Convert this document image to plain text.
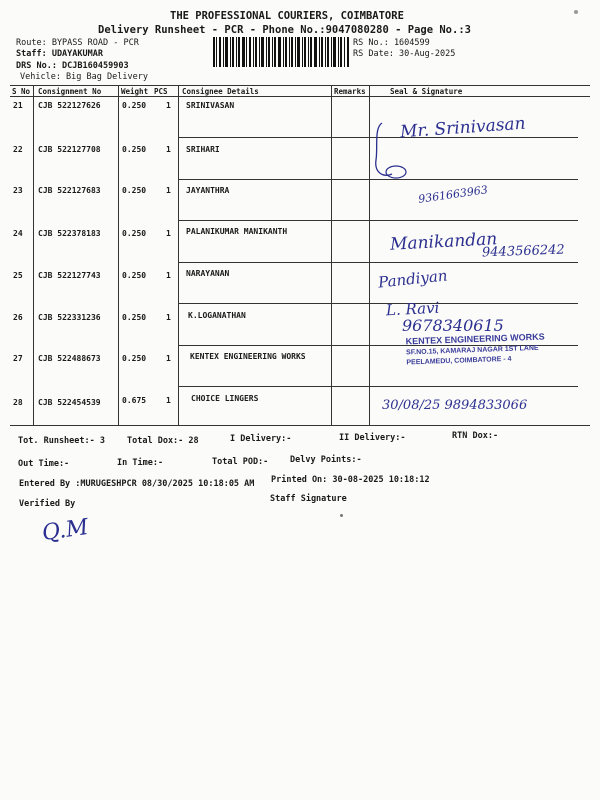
THE PROFESSIONAL COURIERS, COIMBATORE
Delivery Runsheet - PCR - Phone No.:9047080280 - Page No.:3
Route: BYPASS ROAD - PCR
Staff: UDAYAKUMAR
DRS No.: DCJB160459903
Vehicle: Big Bag Delivery
RS No.: 1604599
RS Date: 30-Aug-2025
S No Consignment No	Weight PCS Consignee Details	Remarks	Seal & Signature
21 CJB 522127626	0.250 1 SRINIVASAN
22 CJB 522127708	0.250 1 SRIHARI
23 CJB 522127683	0.250 1 JAYANTHRA
24 CJB 522378183	0.250 1 PALANIKUMAR MANIKANTH
25 CJB 522127743	0.250 1 NARAYANAN
26 CJB 522331236	0.250 1 K.LOGANATHAN
27 CJB 522488673	0.250 1 KENTEX ENGINEERING WORKS
28 CJB 522454539	0.675 1	CHOICE LINGERS
Mr. Srinivasan
9361663963
Manikandan
9443566242
Pandiyan
L. Ravi
9678340615
30/08/25 9894833066
KENTEX ENGINEERING WORKS
SF.NO.15, KAMARAJ NAGAR 1ST LANE
PEELAMEDU, COIMBATORE - 4
Tot. Runsheet:- 3	Total Dox:- 28	I Delivery:-	II Delivery:-	RTN Dox:-
Out Time:-	In Time:-	Total POD:-	Delvy Points:-
Entered By :MURUGESHPCR 08/30/2025 10:18:05 AM Printed On: 30-08-2025 10:18:12
Verified By	Staff Signature
Q.M
